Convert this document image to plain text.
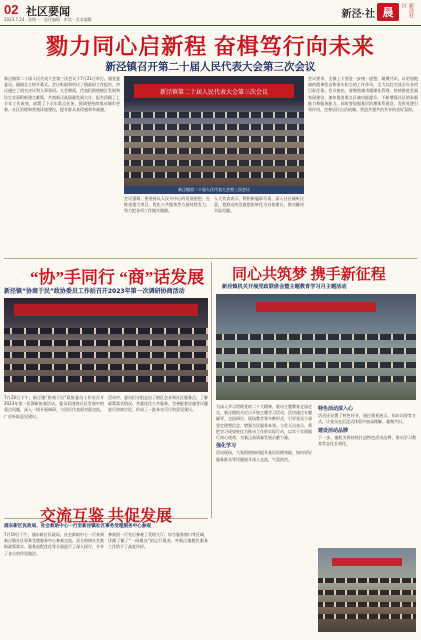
02 社区要闻
2023.7.24 · 星期一 · 责任编辑 · 审读 · 美术编辑	新泾·社 晨	新泾社区
勠力同心启新程 奋楫笃行向未来
新泾镇召开第二十届人民代表大会第三次会议
新泾镇第二十届人民代表大会第三次会议于7月21日举行。镇党委委员、副镇长主持开幕式。会议听取和审议了镇政府工作报告，审议通过了相关决议和人事事项。大会期间，代表们围绕辖区发展和民生实事积极建言献策，共商新泾高质量发展大计。报告回顾了上半年工作成效，部署了下半年重点任务，强调要持续推动城市更新、社区治理和营商环境建设，提升群众获得感和幸福感。
新泾镇第二十届人民代表大会第三次会议
新泾镇第二十届人民代表大会第三次会议
会议强调，要坚持以人民为中心的发展思想，在推进重大项目、优化公共服务等方面持续发力，努力把各项工作做实做细。
人大代表表示，将积极履职尽责，深入社区倾听民意，把群众的急难愁盼转化为具体建议，推动解决实际问题。
会议要求，全镇上下要进一步统一思想、凝聚共识，以更加饱满的精神状态和务实担当的工作作风，全力以赴完成全年各项目标任务。会议指出，要聚焦城市精细化管理，持续推进美丽家园建设，加快推进重点区域功能提升，不断增强社区的承载能力和服务能力。同时要加强基层治理体系建设，发挥党建引领作用，完善居民自治机制，营造共建共治共享的良好氛围。
“协”手同行 “商”话发展
新泾镇“协商于民”政协委员工作站召开2023年第一次调研协商活动
7月20日下午，新泾镇“协商于民”政协委员工作站召开2023年第一次调研协商活动。委员们围绕社区发展中的重点问题，深入一线开展调研，与居民代表面对面交流，广泛听取意见建议。
活动中，委员们分组走访了辖区企业和社区服务点，了解政策落实情况，并就优化公共服务、完善配套设施等议题进行协商讨论，形成了一批务实可行的意见建议。
同心共筑梦 携手新征程
新泾镇机关开展党政联席会暨主题教育学习月主题活动
为深入学习贯彻党的二十大精神，推动主题教育走深走实，新泾镇机关近日开展主题学习活动。活动通过专题辅导、交流研讨、现场教学等多种形式，引导党员干部坚定理想信念，增强为民服务本领。与会人员表示，将把学习成果转化为推动工作的实际行动，以实干实绩践行初心使命，为新泾高质量发展贡献力量。
强化学习
活动现场，大家围绕如何提升基层治理效能、如何更好服务群众等话题展开深入交流，气氛热烈。
特色活动深入心
活动还设置了特色环节，通过情景展示、知识问答等方式，让党员在沉浸式体验中加深理解、凝聚共识。
建设活动品牌
下一步，镇机关将持续打造特色活动品牌，推动学习教育常态化长效化。
交流互鉴 共促发展
浦东新区民政局、社会救助中心一行至新泾镇社区事务受理服务中心参观
7月19日下午，浦东新区民政局、社会救助中心一行来到新泾镇社区事务受理服务中心参观交流。双方围绕社会救助政策落实、服务流程优化等方面进行了深入探讨，分享了各自的经验做法。
参观团一行先后参观了受理大厅、综合服务窗口等区域，详细了解了“一网通办”的运行情况，对新泾镇便民服务工作给予了高度评价。
